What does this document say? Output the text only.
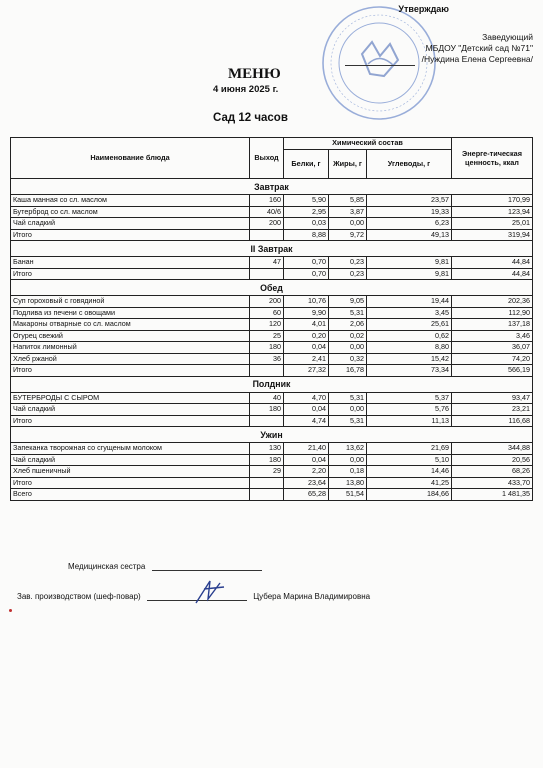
Утверждаю
Заведующий
МБДОУ "Детский сад №71"
/Нуждина Елена Сергеевна/
МЕНЮ
4 июня 2025 г.
Сад 12 часов
Наименование блюда	Выход	Химический состав			Энерге-тическая ценность, ккал
		Белки, г	Жиры, г	Углеводы, г	
Завтрак					
Каша манная со сл. маслом	160	5,90	5,85	23,57	170,99
Бутерброд со сл. маслом	40/6	2,95	3,87	19,33	123,94
Чай сладкий	200	0,03	0,00	6,23	25,01
Итого		8,88	9,72	49,13	319,94
II Завтрак					
Банан	47	0,70	0,23	9,81	44,84
Итого		0,70	0,23	9,81	44,84
Обед					
Суп гороховый с говядиной	200	10,76	9,05	19,44	202,36
Подлива из печени с овощами	60	9,90	5,31	3,45	112,90
Макароны отварные со сл. маслом	120	4,01	2,06	25,61	137,18
Огурец свежий	25	0,20	0,02	0,62	3,46
Напиток лимонный	180	0,04	0,00	8,80	36,07
Хлеб ржаной	36	2,41	0,32	15,42	74,20
Итого		27,32	16,78	73,34	566,19
Полдник					
БУТЕРБРОДЫ С СЫРОМ	40	4,70	5,31	5,37	93,47
Чай сладкий	180	0,04	0,00	5,76	23,21
Итого		4,74	5,31	11,13	116,68
Ужин					
Запеканка творожная со сгущеным молоком	130	21,40	13,62	21,69	344,88
Чай сладкий	180	0,04	0,00	5,10	20,56
Хлеб пшеничный	29	2,20	0,18	14,46	68,26
Итого		23,64	13,80	41,25	433,70
Всего		65,28	51,54	184,66	1 481,35
Медицинская сестра
Зав. производством (шеф-повар)	Цубера Марина Владимировна
